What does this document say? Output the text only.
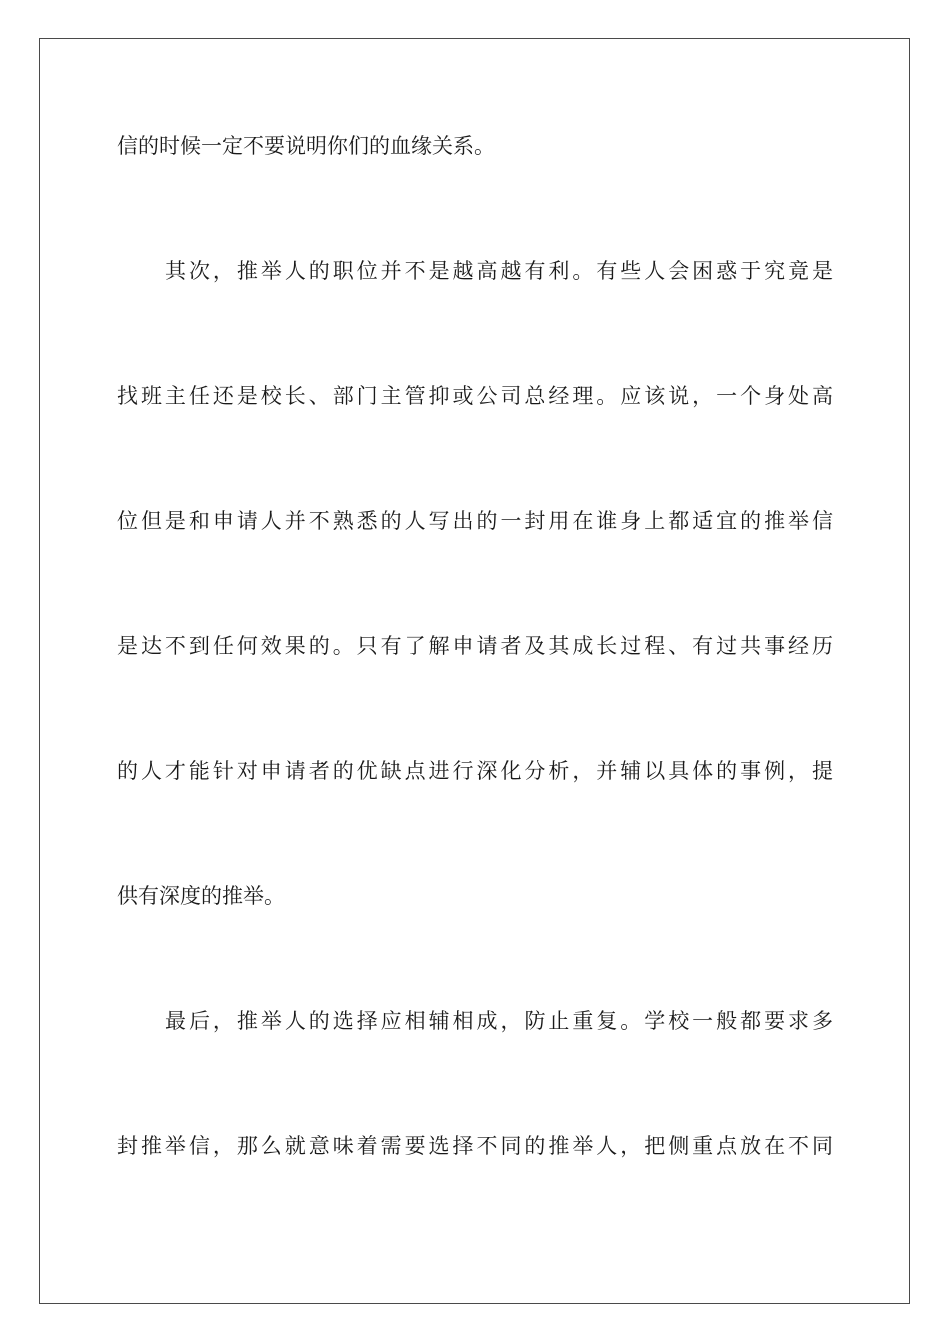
信的时候一定不要说明你们的血缘关系。
其次，推举人的职位并不是越高越有利。有些人会困惑于究竟是
找班主任还是校长、部门主管抑或公司总经理。应该说，一个身处高
位但是和申请人并不熟悉的人写出的一封用在谁身上都适宜的推举信
是达不到任何效果的。只有了解申请者及其成长过程、有过共事经历
的人才能针对申请者的优缺点进行深化分析，并辅以具体的事例，提
供有深度的推举。
最后，推举人的选择应相辅相成，防止重复。学校一般都要求多
封推举信，那么就意味着需要选择不同的推举人，把侧重点放在不同
